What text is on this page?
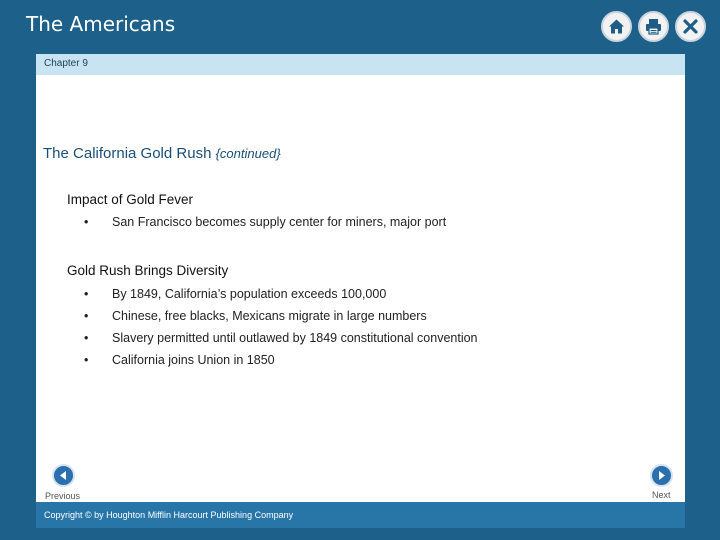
The Americans
Chapter 9
The California Gold Rush {continued}
Impact of Gold Fever
• San Francisco becomes supply center for miners, major port
Gold Rush Brings Diversity
• By 1849, California’s population exceeds 100,000
• Chinese, free blacks, Mexicans migrate in large numbers
• Slavery permitted until outlawed by 1849 constitutional convention
• California joins Union in 1850
Previous	Next
Copyright © by Houghton Mifflin Harcourt Publishing Company
